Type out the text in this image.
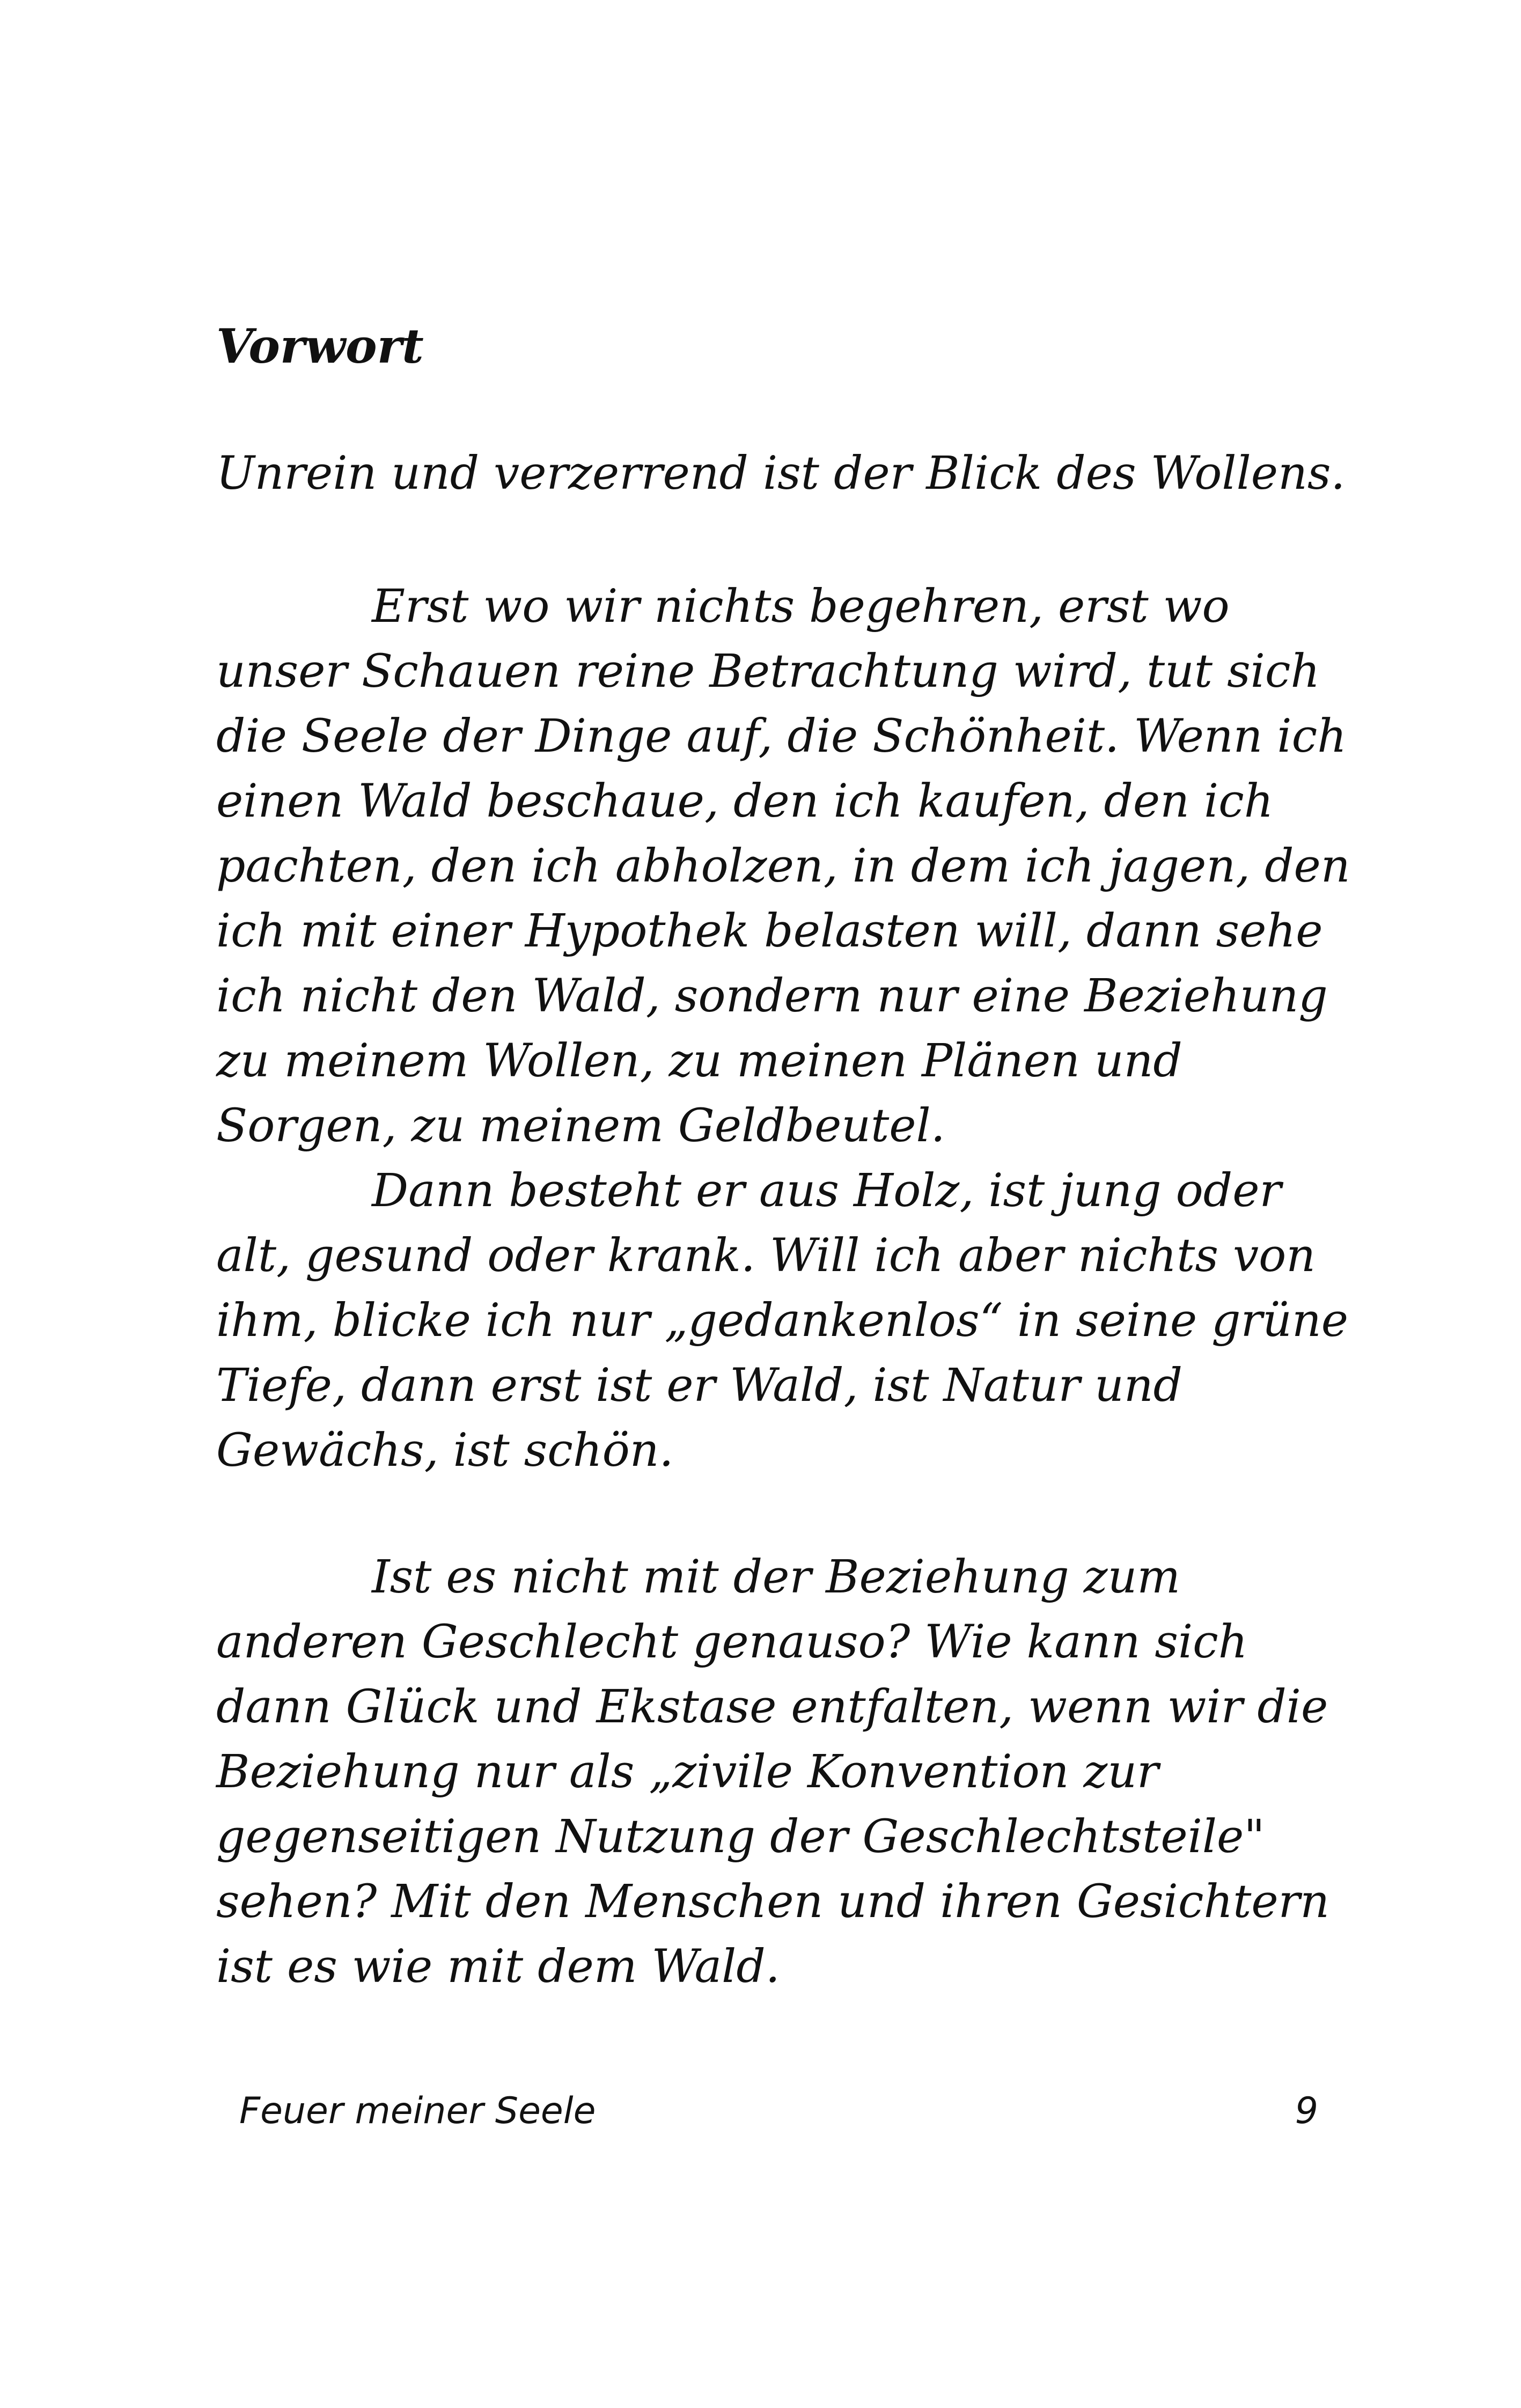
Vorwort
Unrein und verzerrend ist der Blick des Wollens.
Erst wo wir nichts begehren, erst wo
unser Schauen reine Betrachtung wird, tut sich
die Seele der Dinge auf, die Schönheit. Wenn ich
einen Wald beschaue, den ich kaufen, den ich
pachten, den ich abholzen, in dem ich jagen, den
ich mit einer Hypothek belasten will, dann sehe
ich nicht den Wald, sondern nur eine Beziehung
zu meinem Wollen, zu meinen Plänen und
Sorgen, zu meinem Geldbeutel.
Dann besteht er aus Holz, ist jung oder
alt, gesund oder krank. Will ich aber nichts von
ihm, blicke ich nur „gedankenlos“ in seine grüne
Tiefe, dann erst ist er Wald, ist Natur und
Gewächs, ist schön.
Ist es nicht mit der Beziehung zum
anderen Geschlecht genauso? Wie kann sich
dann Glück und Ekstase entfalten, wenn wir die
Beziehung nur als „zivile Konvention zur
gegenseitigen Nutzung der Geschlechtsteile"
sehen? Mit den Menschen und ihren Gesichtern
ist es wie mit dem Wald.
Feuer meiner Seele	9
